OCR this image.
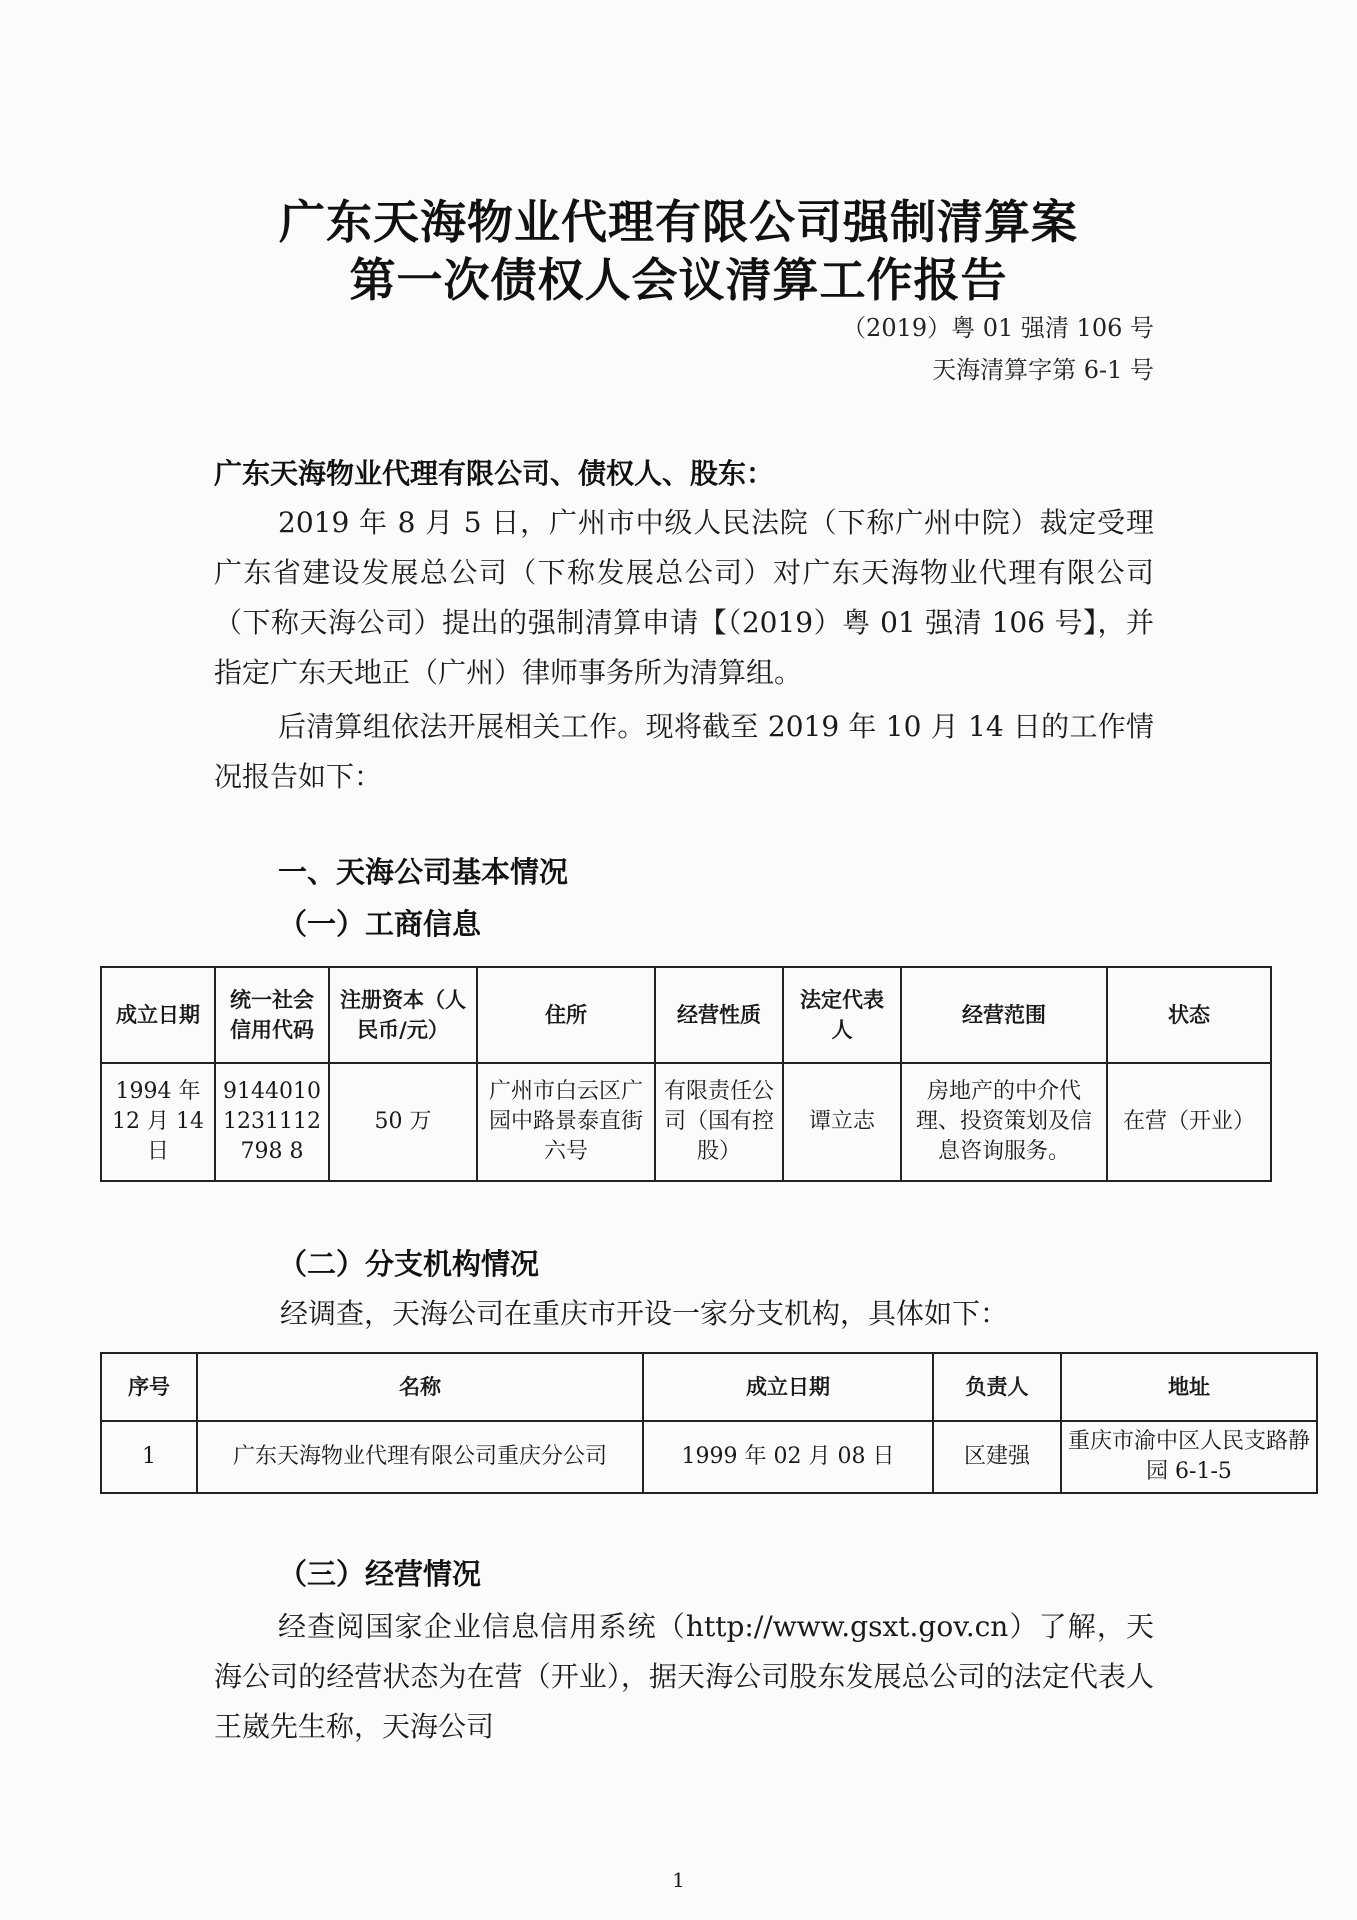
广东天海物业代理有限公司强制清算案
第一次债权人会议清算工作报告
（2019）粤 01 强清 106 号
天海清算字第 6-1 号
广东天海物业代理有限公司、债权人、股东：
2019 年 8 月 5 日，广州市中级人民法院（下称广州中院）裁定受理广东省建设发展总公司（下称发展总公司）对广东天海物业代理有限公司（下称天海公司）提出的强制清算申请【（2019）粤 01 强清 106 号】，并指定广东天地正（广州）律师事务所为清算组。
后清算组依法开展相关工作。现将截至 2019 年 10 月 14 日的工作情况报告如下：
一、天海公司基本情况
（一）工商信息
成立日期	统一社会信用代码	注册资本（人民币/元）	住所	经营性质	法定代表人	经营范围	状态
1994 年 12 月 14 日	91440101231112798 8	50 万	广州市白云区广园中路景泰直街六号	有限责任公司（国有控股）	谭立志	房地产的中介代理、投资策划及信息咨询服务。	在营（开业）
（二）分支机构情况
经调查，天海公司在重庆市开设一家分支机构，具体如下：
序号	名称	成立日期	负责人	地址
1	广东天海物业代理有限公司重庆分公司	1999 年 02 月 08 日	区建强	重庆市渝中区人民支路静园 6-1-5
（三）经营情况
经查阅国家企业信息信用系统（http://www.gsxt.gov.cn）了解，天海公司的经营状态为在营（开业），据天海公司股东发展总公司的法定代表人王崴先生称，天海公司
1
